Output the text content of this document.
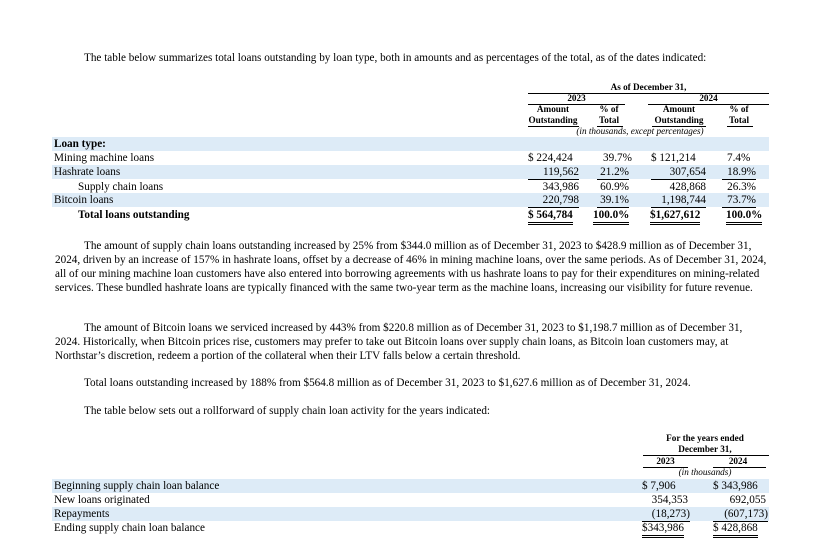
The table below summarizes total loans outstanding by loan type, both in amounts and as percentages of the total, as of the dates indicated:
As of December 31,
2023	2024
Amount
Outstanding
% of
Total
Amount
Outstanding
% of
Total
(in thousands, except percentages)
Loan type:
Mining machine loans	$ 224,424	39.7% $ 121,214	7.4%
Hashrate loans	119,562 21.2%	307,654	18.9%
Supply chain loans	343,986 60.9%	428,868	26.3%
Bitcoin loans	220,798 39.1%	1,198,744	73.7%
Total loans outstanding	$ 564,784 100.0% $1,627,612 100.0%
The amount of supply chain loans outstanding increased by 25% from $344.0 million as of December 31, 2023 to $428.9 million as of December 31, 2024, driven by an increase of 157% in hashrate loans, offset by a decrease of 46% in mining machine loans, over the same periods. As of December 31, 2024, all of our mining machine loan customers have also entered into borrowing agreements with us hashrate loans to pay for their expenditures on mining-related services. These bundled hashrate loans are typically financed with the same two-year term as the machine loans, increasing our visibility for future revenue.
The amount of Bitcoin loans we serviced increased by 443% from $220.8 million as of December 31, 2023 to $1,198.7 million as of December 31, 2024. Historically, when Bitcoin prices rise, customers may prefer to take out Bitcoin loans over supply chain loans, as Bitcoin loan customers may, at Northstar’s discretion, redeem a portion of the collateral when their LTV falls below a certain threshold.
Total loans outstanding increased by 188% from $564.8 million as of December 31, 2023 to $1,627.6 million as of December 31, 2024.
The table below sets out a rollforward of supply chain loan activity for the years indicated:
For the years ended
December 31,
2023	2024
(in thousands)
Beginning supply chain loan balance	$ 7,906	$ 343,986
New loans originated	354,353	692,055
Repayments	(18,273)	(607,173)
Ending supply chain loan balance	$343,986	$ 428,868
